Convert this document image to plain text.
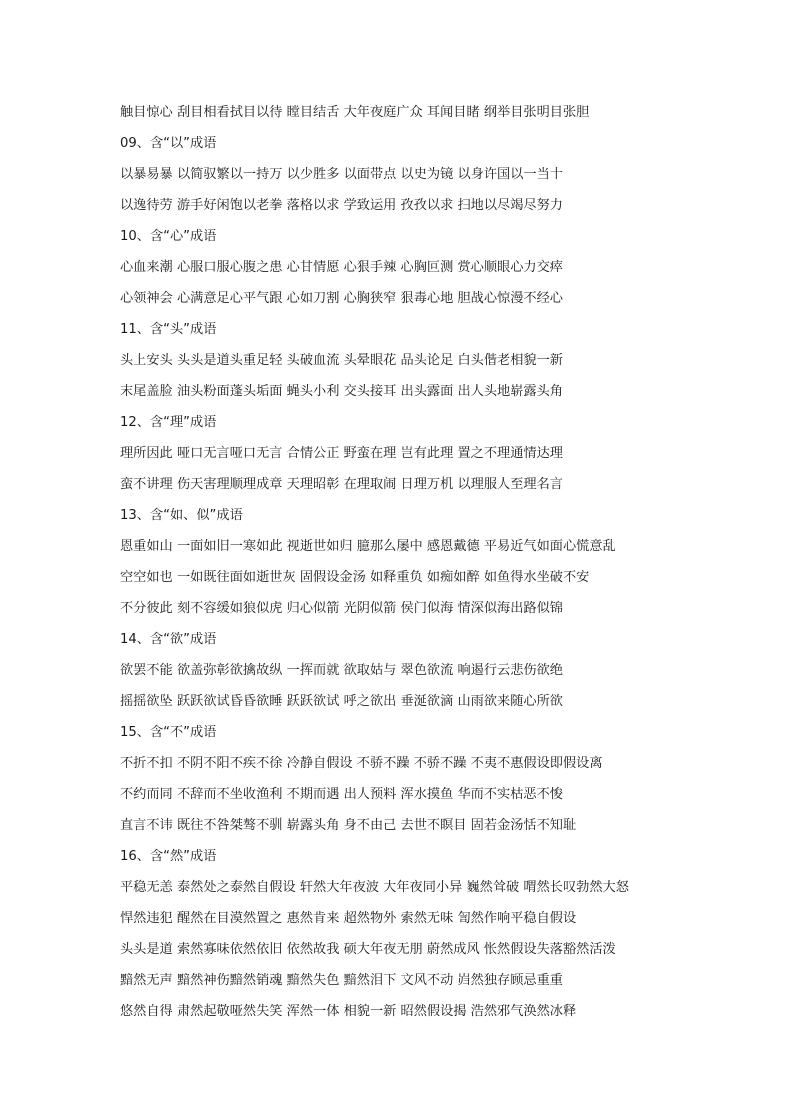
触目惊心 刮目相看拭目以待 瞠目结舌 大年夜庭广众 耳闻目睹 纲举目张明目张胆
09、含“以”成语
以暴易暴 以简驭繁以一持万 以少胜多 以面带点 以史为镜 以身许国以一当十
以逸待劳 游手好闲饱以老拳 落格以求 学致运用 孜孜以求 扫地以尽竭尽努力
10、含“心”成语
心血来潮 心服口服心腹之患 心甘情愿 心狠手辣 心胸叵测 赏心顺眼心力交瘁
心领神会 心满意足心平气跟 心如刀割 心胸狭窄 狠毒心地 胆战心惊漫不经心
11、含“头”成语
头上安头 头头是道头重足轻 头破血流 头晕眼花 品头论足 白头偕老相貌一新
末尾盖脸 油头粉面蓬头垢面 蝇头小利 交头接耳 出头露面 出人头地崭露头角
12、含“理”成语
理所因此 哑口无言哑口无言 合情公正 野蛮在理 岂有此理 置之不理通情达理
蛮不讲理 伤天害理顺理成章 天理昭彰 在理取闹 日理万机 以理服人至理名言
13、含“如、似”成语
恩重如山 一面如旧一寒如此 视逝世如归 臆那么屡中 感恩戴德 平易近气如面心慌意乱
空空如也 一如既往面如逝世灰 固假设金汤 如释重负 如痴如醉 如鱼得水坐破不安
不分彼此 刻不容缓如狼似虎 归心似箭 光阴似箭 侯门似海 情深似海出路似锦
14、含“欲”成语
欲罢不能 欲盖弥彰欲擒故纵 一挥而就 欲取姑与 翠色欲流 响遏行云悲伤欲绝
摇摇欲坠 跃跃欲试昏昏欲睡 跃跃欲试 呼之欲出 垂涎欲滴 山雨欲来随心所欲
15、含“不”成语
不折不扣 不阴不阳不疾不徐 冷静自假设 不骄不躁 不骄不躁 不夷不惠假设即假设离
不约而同 不辞而不坐收渔利 不期而遇 出人预料 浑水摸鱼 华而不实枯恶不悛
直言不讳 既往不咎桀骜不驯 崭露头角 身不由己 去世不瞑目 固若金汤恬不知耻
16、含“然”成语
平稳无恙 泰然处之泰然自假设 轩然大年夜波 大年夜同小异 巍然耸破 喟然长叹勃然大怒
悍然违犯 醒然在目漠然置之 惠然肯来 超然物外 索然无味 訇然作响平稳自假设
头头是道 索然寡味依然依旧 依然故我 硕大年夜无朋 蔚然成风 怅然假设失落豁然活泼
黯然无声 黯然神伤黯然销魂 黯然失色 黯然泪下 文风不动 岿然独存顾忌重重
悠然自得 肃然起敬哑然失笑 浑然一体 相貌一新 昭然假设揭 浩然邪气涣然冰释
